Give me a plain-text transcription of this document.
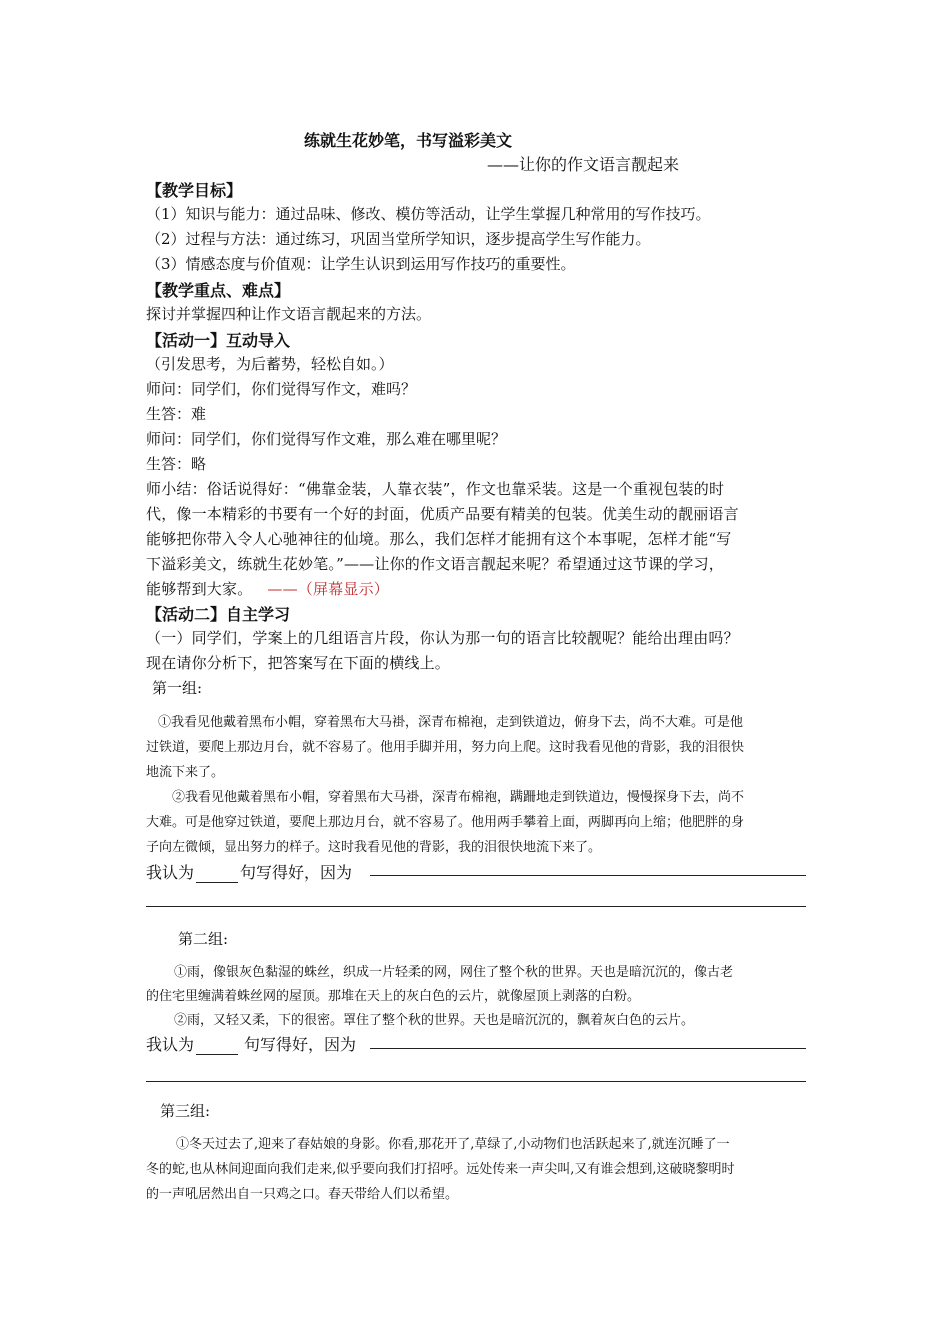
练就生花妙笔，书写溢彩美文
——让你的作文语言靓起来
【教学目标】
（1）知识与能力：通过品味、修改、模仿等活动，让学生掌握几种常用的写作技巧。
（2）过程与方法：通过练习，巩固当堂所学知识，逐步提高学生写作能力。
（3）情感态度与价值观：让学生认识到运用写作技巧的重要性。
【教学重点、难点】
探讨并掌握四种让作文语言靓起来的方法。
【活动一】互动导入
（引发思考，为后蓄势，轻松自如。）
师问：同学们，你们觉得写作文，难吗？
生答：难
师问：同学们，你们觉得写作文难，那么难在哪里呢？
生答：略
师小结：俗话说得好：“佛靠金装，人靠衣装”，作文也靠采装。这是一个重视包装的时
代，像一本精彩的书要有一个好的封面，优质产品要有精美的包装。优美生动的靓丽语言
能够把你带入令人心驰神往的仙境。那么，我们怎样才能拥有这个本事呢，怎样才能“写
下溢彩美文，练就生花妙笔。”——让你的作文语言靓起来呢？希望通过这节课的学习，
能够帮到大家。 ——（屏幕显示）
【活动二】自主学习
（一）同学们，学案上的几组语言片段，你认为那一句的语言比较靓呢？能给出理由吗？
现在请你分析下，把答案写在下面的横线上。
第一组:
①我看见他戴着黑布小帽，穿着黑布大马褂，深青布棉袍，走到铁道边，俯身下去，尚不大难。可是他
过铁道，要爬上那边月台，就不容易了。他用手脚并用，努力向上爬。这时我看见他的背影，我的泪很快
地流下来了。
②我看见他戴着黑布小帽，穿着黑布大马褂，深青布棉袍，蹒跚地走到铁道边，慢慢探身下去，尚不
大难。可是他穿过铁道，要爬上那边月台，就不容易了。他用两手攀着上面，两脚再向上缩；他肥胖的身
子向左微倾，显出努力的样子。这时我看见他的背影，我的泪很快地流下来了。
我认为	句写得好，因为
第二组:
①雨，像银灰色黏湿的蛛丝，织成一片轻柔的网，网住了整个秋的世界。天也是暗沉沉的，像古老
的住宅里缠满着蛛丝网的屋顶。那堆在天上的灰白色的云片，就像屋顶上剥落的白粉。
②雨，又轻又柔，下的很密。罩住了整个秋的世界。天也是暗沉沉的，飘着灰白色的云片。
我认为	句写得好，因为
第三组:
①冬天过去了,迎来了春姑娘的身影。你看,那花开了,草绿了,小动物们也活跃起来了,就连沉睡了一
冬的蛇,也从林间迎面向我们走来,似乎要向我们打招呼。远处传来一声尖叫,又有谁会想到,这破晓黎明时
的一声吼居然出自一只鸡之口。春天带给人们以希望。
